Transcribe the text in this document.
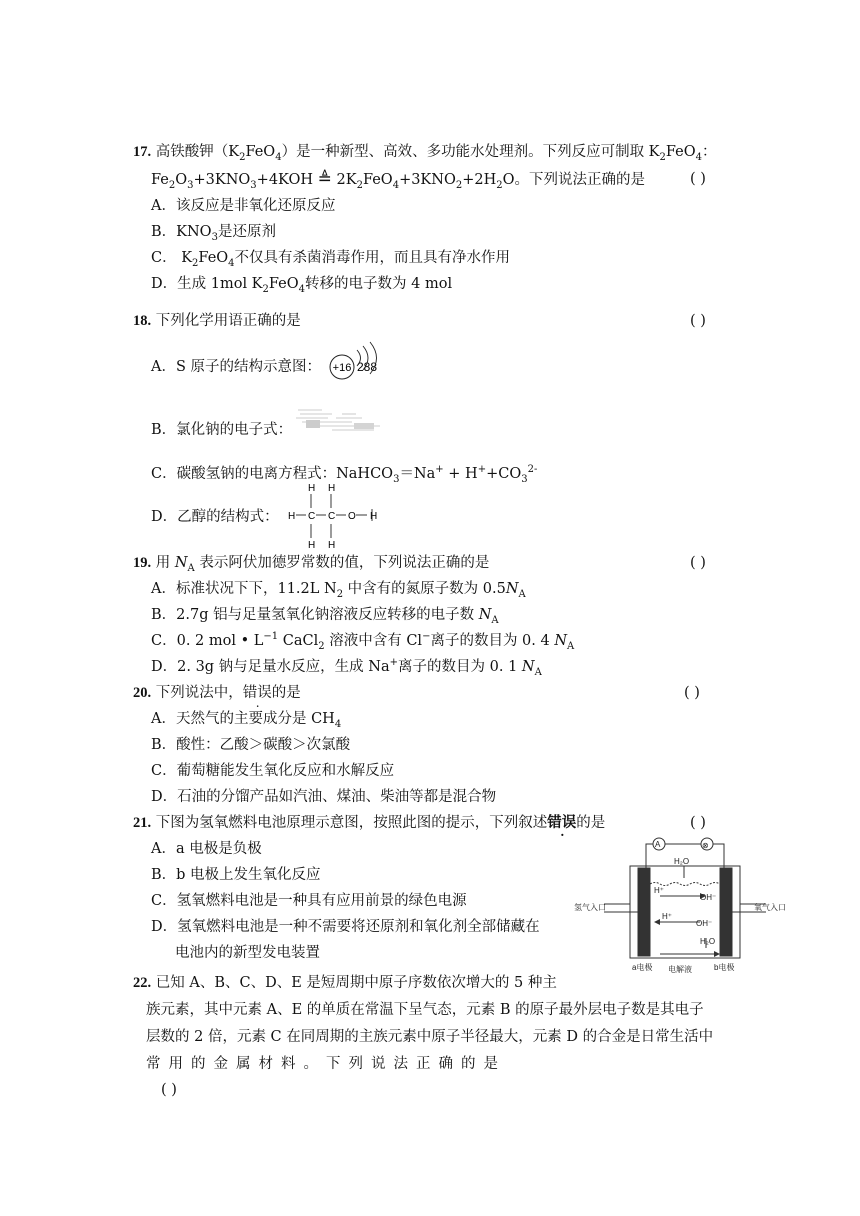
17. 高铁酸钾$(K_2FeO_4)$是一种新型、高效、多功能水处理剂。下列反应可制取 $K_2FeO_4$：
$Fe_2O_3+3KNO_3+4KOH$ ≜ $2K_2FeO_4+3KNO_2+2H_2O$。下列说法正确的是	( )
A．该反应是非氧化还原反应
B．$KNO_3$是还原剂
C． $K_2FeO_4$不仅具有杀菌消毒作用，而且具有净水作用
D．生成 1mol $K_2FeO_4$转移的电子数为 4 mol
18. 下列化学用语正确的是	( )
A．S 原子的结构示意图： +16 288
B．氯化钠的电子式：
C．碳酸氢钠的电离方程式：NaHCO$_3$＝Na+ + $H^++CO_3^{2-}$
D．乙醇的结构式：
H H
H C C O H
H H
19. 用 $N_A$ 表示阿伏加德罗常数的值，下列说法正确的是	( )
A．标准状况下下，11.2L $N_2$ 中含有的氮原子数为 $0.5N_A$
B．2.7g 铝与足量氢氧化钠溶液反应转移的电子数 $N_A$
C．0. 2 mol • $L^{-1}$ CaCl$_2$ 溶液中含有 Cl−离子的数目为 0. 4 $N_A$
D．2. 3g 钠与足量水反应，生成 Na+离子的数目为 0. 1 $N_A$
20. 下列说法中，错误的是	( )
A．天然气的主要成分是 $CH_4$
B．酸性：乙酸＞碳酸＞次氯酸
C．葡萄糖能发生氧化反应和水解反应
D．石油的分馏产品如汽油、煤油、柴油等都是混合物
21. 下图为氢氧燃料电池原理示意图，按照此图的提示，下列叙述错误的是	( )
A．a 电极是负极
B．b 电极上发生氧化反应
C．氢氧燃料电池是一种具有应用前景的绿色电源
D．氢氧燃料电池是一种不需要将还原剂和氧化剂全部储藏在
电池内的新型发电装置
A	⊗
H₂O
H⁺
OH⁻
H⁺
OH⁻
H₂O
氢气入口	氧气入口
a电极 电解液	b电极
22. 已知 A、B、C、D、E 是短周期中原子序数依次增大的 5 种主
族元素，其中元素 A、E 的单质在常温下呈气态，元素 B 的原子最外层电子数是其电子
层数的 2 倍，元素 C 在同周期的主族元素中原子半径最大，元素 D 的合金是日常生活中
常用的金属材料。下列说法正确的是
( )
